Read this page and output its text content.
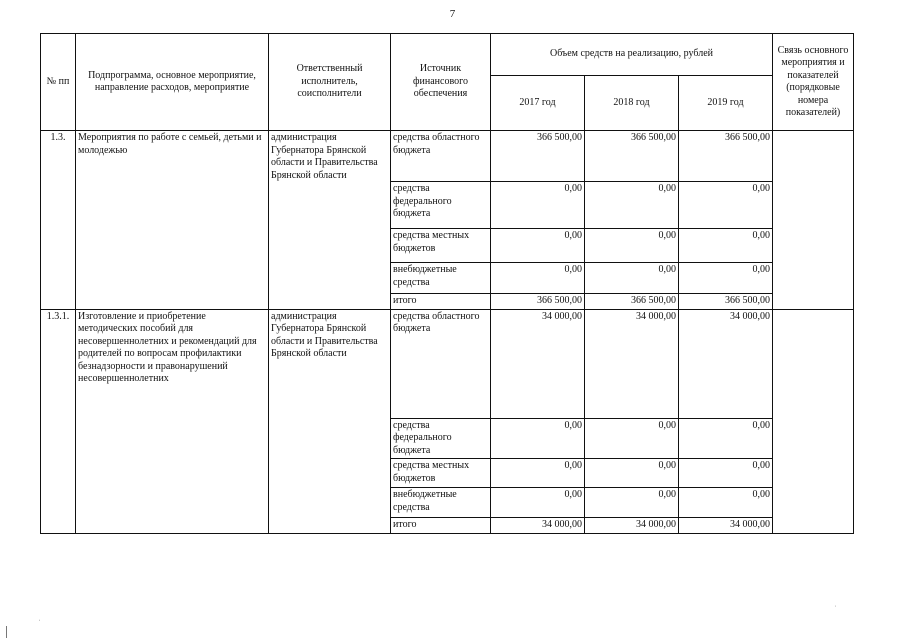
7
№ пп	Подпрограмма, основное мероприятие, направление расходов, мероприятие	Ответственный исполнитель, соисполнители	Источник финансового обеспечения	Объем средств на реализацию, рублей			Связь основного мероприятия и показателей (порядковые номера показателей)
				2017 год	2018 год	2019 год	
1.3.	Мероприятия по работе с семьей, детьми и молодежью	администрация Губернатора Брянской области и Правительства Брянской области	средства областного бюджета	366 500,00	366 500,00	366 500,00	
			средства федерального бюджета	0,00	0,00	0,00	
			средства местных бюджетов	0,00	0,00	0,00	
			внебюджетные средства	0,00	0,00	0,00	
			итого	366 500,00	366 500,00	366 500,00	
1.3.1.	Изготовление и приобретение методических пособий для несовершеннолетних и рекомендаций для родителей по вопросам профилактики безнадзорности и правонарушений несовершеннолетних	администрация Губернатора Брянской области и Правительства Брянской области	средства областного бюджета	34 000,00	34 000,00	34 000,00	
			средства федерального бюджета	0,00	0,00	0,00	
			средства местных бюджетов	0,00	0,00	0,00	
			внебюджетные средства	0,00	0,00	0,00	
			итого	34 000,00	34 000,00	34 000,00	
ˌ
˙
